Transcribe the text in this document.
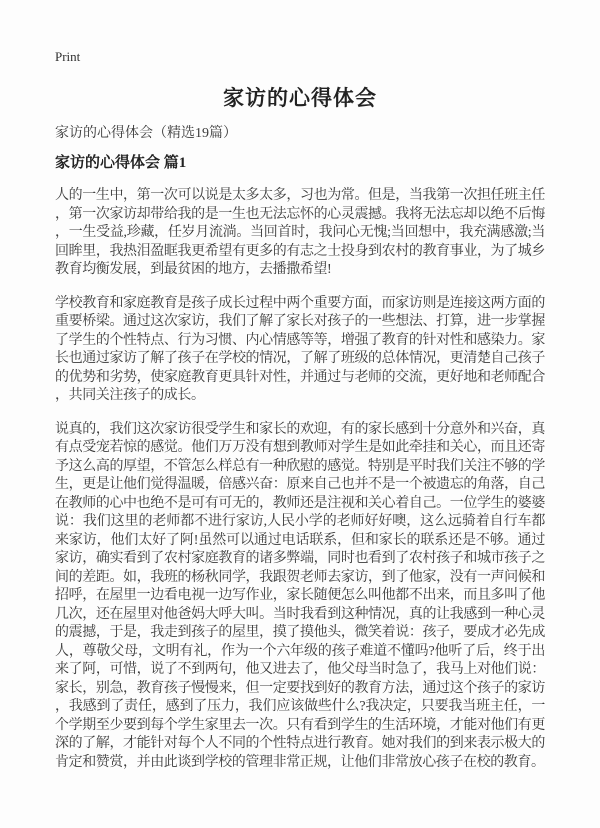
Print
家访的心得体会

家访的心得体会（精选19篇）

家访的心得体会 篇1

人的一生中，第一次可以说是太多太多，习也为常。但是，当我第一次担任班主任，第一次家访却带给我的是一生也无法忘怀的心灵震撼。我将无法忘却以绝不后悔，一生受益,珍藏，任岁月流淌。当回首时，我问心无愧;当回想中，我充满感激;当回眸里，我热泪盈眶我更希望有更多的有志之士投身到农村的教育事业，为了城乡教育均衡发展，到最贫困的地方，去播撒希望!

学校教育和家庭教育是孩子成长过程中两个重要方面，而家访则是连接这两方面的重要桥梁。通过这次家访，我们了解了家长对孩子的一些想法、打算，进一步掌握了学生的个性特点、行为习惯、内心情感等等，增强了教育的针对性和感染力。家长也通过家访了解了孩子在学校的情况，了解了班级的总体情况，更清楚自己孩子的优势和劣势，使家庭教育更具针对性，并通过与老师的交流，更好地和老师配合，共同关注孩子的成长。

说真的，我们这次家访很受学生和家长的欢迎，有的家长感到十分意外和兴奋，真有点受宠若惊的感觉。他们万万没有想到教师对学生是如此牵挂和关心，而且还寄予这么高的厚望，不管怎么样总有一种欣慰的感觉。特别是平时我们关注不够的学生，更是让他们觉得温暖，倍感兴奋：原来自己也并不是一个被遗忘的角落，自己在教师的心中也绝不是可有可无的，教师还是注视和关心着自己。一位学生的婆婆说：我们这里的老师都不进行家访,人民小学的老师好好噢，这么远骑着自行车都来家访，他们太好了阿!虽然可以通过电话联系，但和家长的联系还是不够。通过家访，确实看到了农村家庭教育的诸多弊端，同时也看到了农村孩子和城市孩子之间的差距。如，我班的杨秋同学，我跟贺老师去家访，到了他家，没有一声问候和招呼，在屋里一边看电视一边写作业，家长随便怎么叫他都不出来，而且多叫了他几次，还在屋里对他爸妈大呼大叫。当时我看到这种情况，真的让我感到一种心灵的震撼，于是，我走到孩子的屋里，摸了摸他头，微笑着说：孩子，要成才必先成人，尊敬父母，文明有礼，作为一个六年级的孩子难道不懂吗?他听了后，终于出来了阿，可惜，说了不到两句，他又进去了，他父母当时急了，我马上对他们说：家长，别急，教育孩子慢慢来，但一定要找到好的教育方法，通过这个孩子的家访，我感到了责任，感到了压力，我们应该做些什么?我决定，只要我当班主任，一个学期至少要到每个学生家里去一次。只有看到学生的生活环境，才能对他们有更深的了解，才能针对每个人不同的个性特点进行教育。她对我们的到来表示极大的肯定和赞赏，并由此谈到学校的管理非常正规，让他们非常放心孩子在校的教育。
